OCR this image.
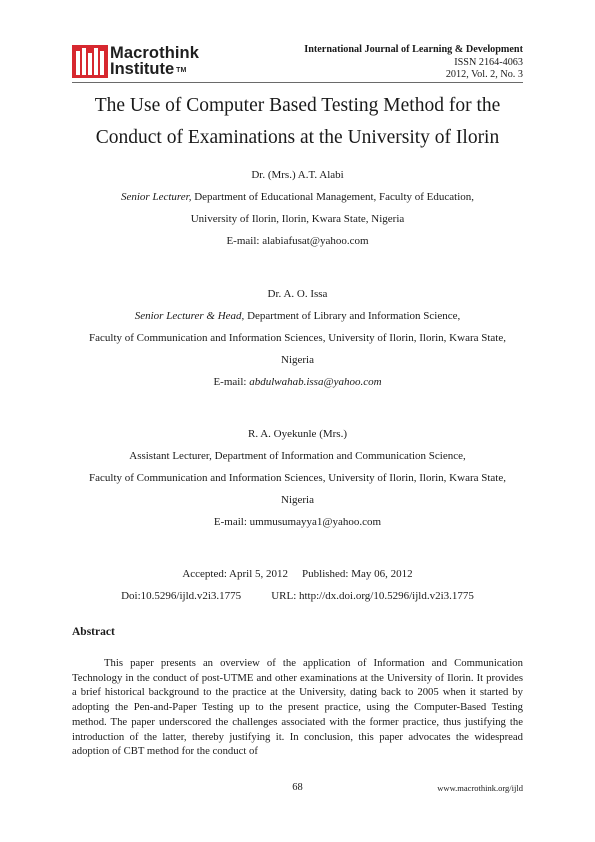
Macrothink
Institute ™
International Journal of Learning & Development
ISSN 2164-4063
2012, Vol. 2, No. 3
The Use of Computer Based Testing Method for the
Conduct of Examinations at the University of Ilorin
Dr. (Mrs.) A.T. Alabi
Senior Lecturer, Department of Educational Management, Faculty of Education,
University of Ilorin, Ilorin, Kwara State, Nigeria
E-mail: alabiafusat@yahoo.com
Dr. A. O. Issa
Senior Lecturer & Head, Department of Library and Information Science,
Faculty of Communication and Information Sciences, University of Ilorin, Ilorin, Kwara State,
Nigeria
E-mail: abdulwahab.issa@yahoo.com
R. A. Oyekunle (Mrs.)
Assistant Lecturer, Department of Information and Communication Science,
Faculty of Communication and Information Sciences, University of Ilorin, Ilorin, Kwara State,
Nigeria
E-mail: ummusumayya1@yahoo.com
Accepted: April 5, 2012 Published: May 06, 2012
Doi:10.5296/ijld.v2i3.1775	URL: http://dx.doi.org/10.5296/ijld.v2i3.1775
Abstract

This paper presents an overview of the application of Information and Communication Technology in the conduct of post-UTME and other examinations at the University of Ilorin. It provides a brief historical background to the practice at the University, dating back to 2005 when it started by adopting the Pen-and-Paper Testing up to the present practice, using the Computer-Based Testing method. The paper underscored the challenges associated with the former practice, thus justifying the introduction of the latter, thereby justifying it. In conclusion, this paper advocates the widespread adoption of CBT method for the conduct of

68	www.macrothink.org/ijld
